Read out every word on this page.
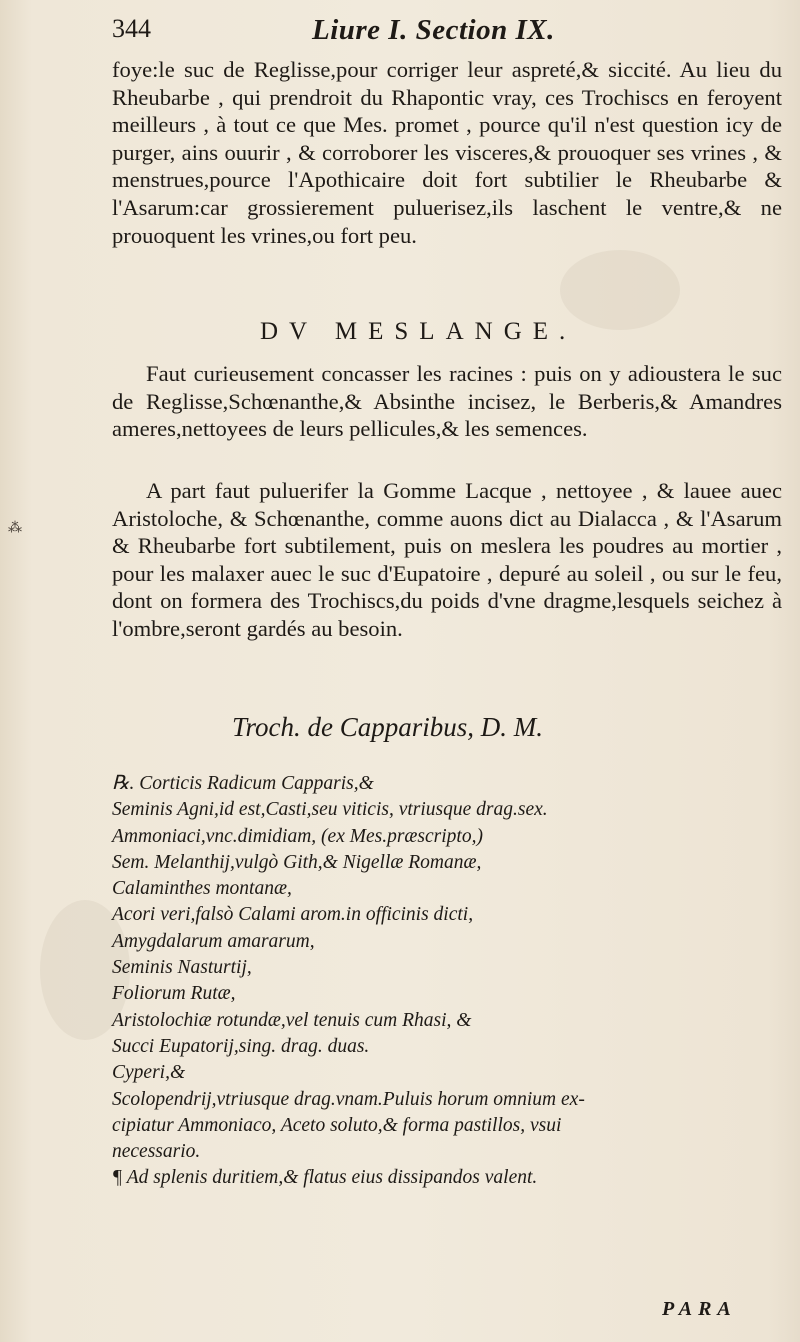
344	Liure I. Section IX.

foye:le suc de Reglisse,pour corriger leur aspreté,& siccité. Au lieu du Rheubarbe , qui prendroit du Rhapontic vray, ces Trochiscs en feroyent meilleurs , à tout ce que Mes. promet , pource qu'il n'est question icy de purger, ains ouurir , & corroborer les visceres,& prouoquer ses vrines , & menstrues,pource l'Apothicaire doit fort subtilier le Rheubarbe & l'Asarum:car grossierement puluerisez,ils laschent le ventre,& ne prouoquent les vrines,ou fort peu.

DV MESLANGE.

Faut curieusement concasser les racines : puis on y adioustera le suc de Reglisse,Schœnanthe,& Absinthe incisez, le Berberis,& Amandres ameres,nettoyees de leurs pellicules,& les semences.

A part faut puluerifer la Gomme Lacque , nettoyee , & lauee auec Aristoloche, & Schœnanthe, comme auons dict au Dialacca , & l'Asarum & Rheubarbe fort subtilement, puis on meslera les poudres au mortier , pour les malaxer auec le suc d'Eupatoire , depuré au soleil , ou sur le feu, dont on formera des Trochiscs,du poids d'vne dragme,lesquels seichez à l'ombre,seront gardés au besoin.

⁂
Troch. de Capparibus, D. M.
℞. Corticis Radicum Capparis,&
Seminis Agni,id est,Casti,seu viticis, vtriusque drag.sex.
Ammoniaci,vnc.dimidiam, (ex Mes.præscripto,)
Sem. Melanthij,vulgò Gith,& Nigellæ Romanæ,
Calaminthes montanæ,
Acori veri,falsò Calami arom.in officinis dicti,
Amygdalarum amararum,
Seminis Nasturtij,
Foliorum Rutæ,
Aristolochiæ rotundæ,vel tenuis cum Rhasi, &
Succi Eupatorij,sing. drag. duas.
Cyperi,&
Scolopendrij,vtriusque drag.vnam.Puluis horum omnium ex-
cipiatur Ammoniaco, Aceto soluto,& forma pastillos, vsui
necessario.
¶ Ad splenis duritiem,& flatus eius dissipandos valent.
PARA
